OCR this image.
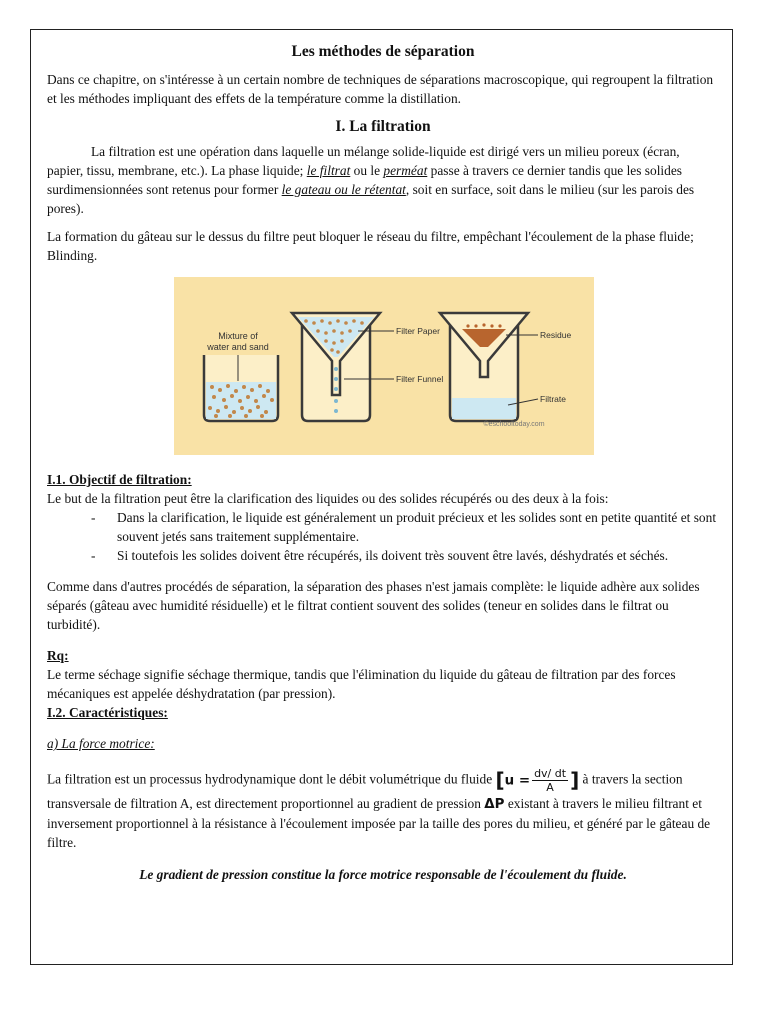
Les méthodes de séparation

Dans ce chapitre, on s'intéresse à un certain nombre de techniques de séparations macroscopique, qui regroupent la filtration et les méthodes impliquant des effets de la température comme la distillation.

I. La filtration

La filtration est une opération dans laquelle un mélange solide-liquide est dirigé vers un milieu poreux (écran, papier, tissu, membrane, etc.). La phase liquide; le filtrat ou le perméat passe à travers ce dernier tandis que les solides surdimensionnées sont retenus pour former le gateau ou le rétentat, soit en surface, soit dans le milieu (sur les parois des pores).

La formation du gâteau sur le dessus du filtre peut bloquer le réseau du filtre, empêchant l'écoulement de la phase fluide; Blinding.

Mixture of
water and sand
Filter Paper
Filter Funnel
Residue
Filtrate
©eschooltoday.com

I.1. Objectif de filtration:

Le but de la filtration peut être la clarification des liquides ou des solides récupérés ou des deux à la fois:

- Dans la clarification, le liquide est généralement un produit précieux et les solides sont en petite quantité et sont souvent jetés sans traitement supplémentaire.
- Si toutefois les solides doivent être récupérés, ils doivent très souvent être lavés, déshydratés et séchés.

Comme dans d'autres procédés de séparation, la séparation des phases n'est jamais complète: le liquide adhère aux solides séparés (gâteau avec humidité résiduelle) et le filtrat contient souvent des solides (teneur en solides dans le filtrat ou turbidité).

Rq:

Le terme séchage signifie séchage thermique, tandis que l'élimination du liquide du gâteau de filtration par des forces mécaniques est appelée déshydratation (par pression).

I.2. Caractéristiques:

a) La force motrice:

La filtration est un processus hydrodynamique dont le débit volumétrique du fluide [$u = \frac{dv/ dt}{A}$ ] à travers la section transversale de filtration A, est directement proportionnel au gradient de pression ΔP existant à travers le milieu filtrant et inversement proportionnel à la résistance à l'écoulement imposée par la taille des pores du milieu, et généré par le gâteau de filtre.

Le gradient de pression constitue la force motrice responsable de l'écoulement du fluide.
